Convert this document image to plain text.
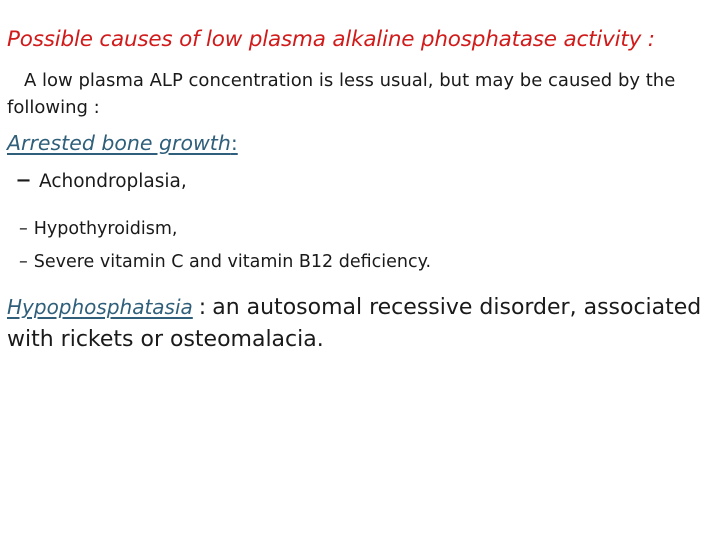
Possible causes of low plasma alkaline phosphatase activity :
A low plasma ALP concentration is less usual, but may be caused by the following :
Arrested bone growth:
– Achondroplasia,
– Hypothyroidism,
– Severe vitamin C and vitamin B12 deficiency.
Hypophosphatasia : an autosomal recessive disorder, associated with rickets or osteomalacia.
